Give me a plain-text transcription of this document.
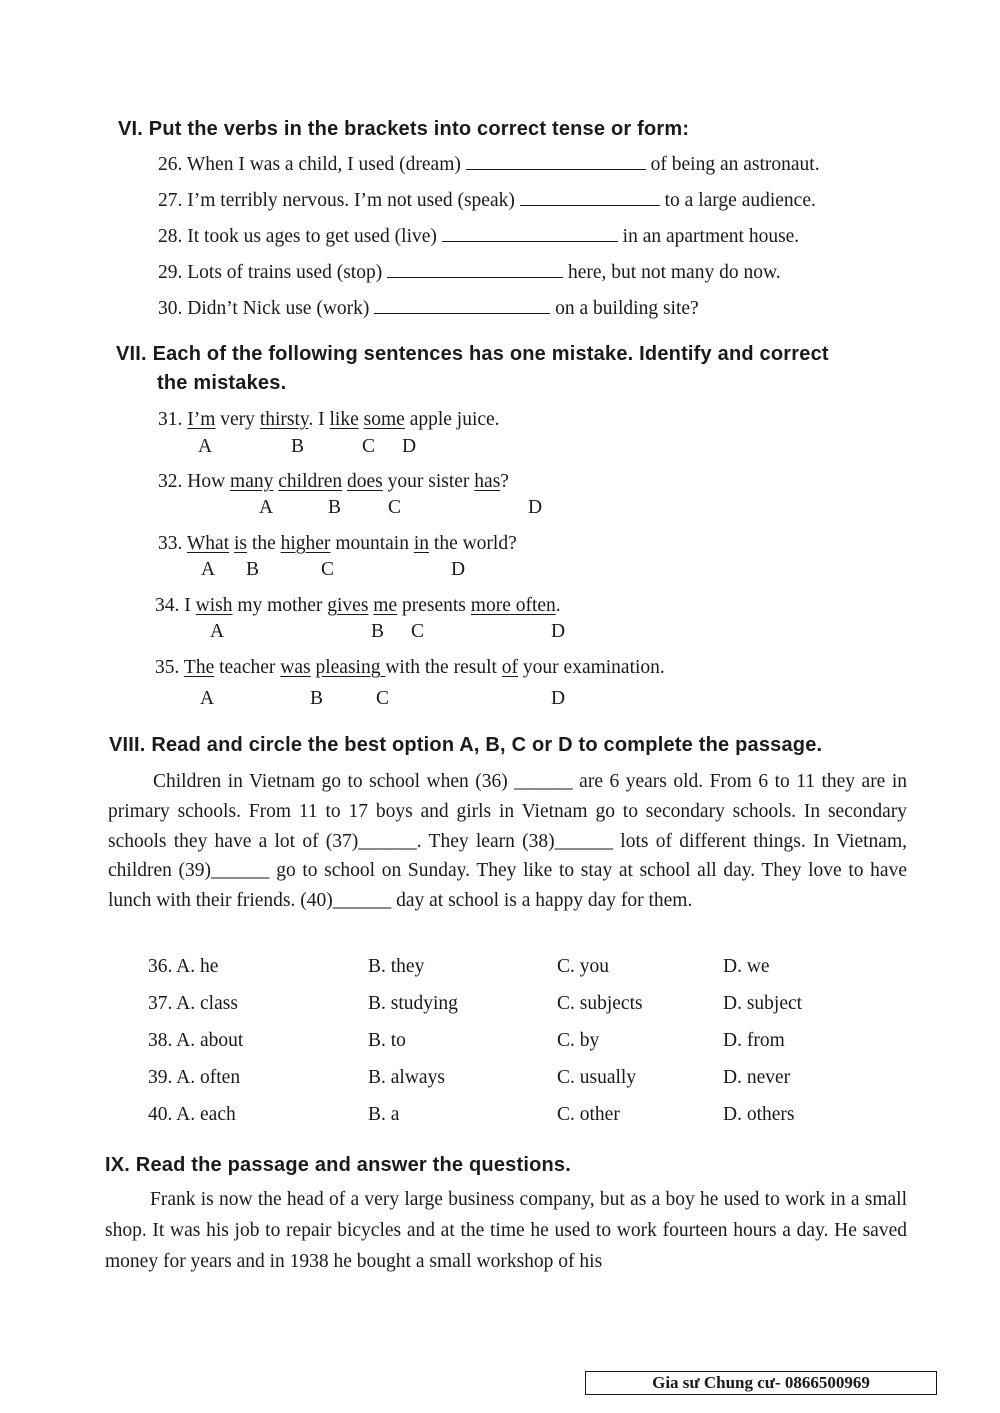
VI. Put the verbs in the brackets into correct tense or form:
26. When I was a child, I used (dream)	of being an astronaut.
27. I’m terribly nervous. I’m not used (speak)	to a large audience.
28. It took us ages to get used (live)	in an apartment house.
29. Lots of trains used (stop)	here, but not many do now.
30. Didn’t Nick use (work)	on a building site?
VII. Each of the following sentences has one mistake. Identify and correct
the mistakes.
31. I’m very thirsty. I like some apple juice.
A	B	C D
32. How many children does your sister has?
A	B C	D
33. What is the higher mountain in the world?
A B	C	D
34. I wish my mother gives me presents more often.
A	B C	D
35. The teacher was pleasing with the result of your examination.
A	B	C	D
VIII. Read and circle the best option A, B, C or D to complete the passage.

Children in Vietnam go to school when (36) ______ are 6 years old. From 6 to 11 they are in primary schools. From 11 to 17 boys and girls in Vietnam go to secondary schools. In secondary schools they have a lot of (37)______. They learn (38)______ lots of different things. In Vietnam, children (39)______ go to school on Sunday. They like to stay at school all day. They love to have lunch with their friends. (40)______ day at school is a happy day for them.

36. A. he	B. they	C. you	D. we
37. A. class	B. studying	C. subjects	D. subject
38. A. about	B. to	C. by	D. from
39. A. often	B. always	C. usually	D. never
40. A. each	B. a	C. other	D. others
IX. Read the passage and answer the questions.

Frank is now the head of a very large business company, but as a boy he used to work in a small shop. It was his job to repair bicycles and at the time he used to work fourteen hours a day. He saved money for years and in 1938 he bought a small workshop of his

Gia sư Chung cư- 0866500969
